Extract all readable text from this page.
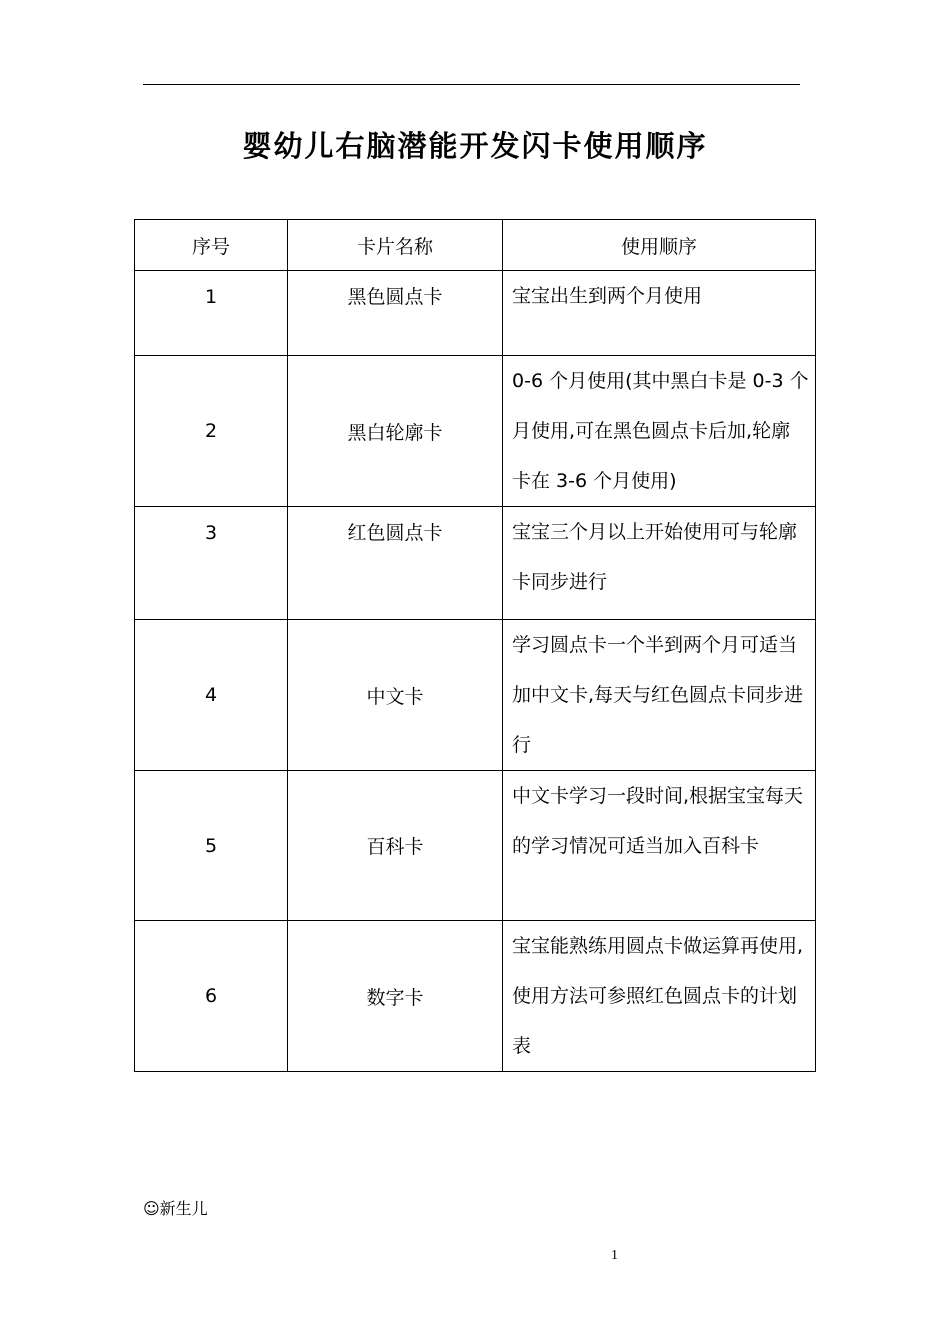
婴幼儿右脑潜能开发闪卡使用顺序
序号	卡片名称	使用顺序
1	黑色圆点卡	宝宝出生到两个月使用
2	黑白轮廓卡	0-6 个月使用(其中黑白卡是 0-3 个月使用,可在黑色圆点卡后加,轮廓卡在 3-6 个月使用)
3	红色圆点卡	宝宝三个月以上开始使用可与轮廓卡同步进行
4	中文卡	学习圆点卡一个半到两个月可适当加中文卡,每天与红色圆点卡同步进行
5	百科卡	中文卡学习一段时间,根据宝宝每天的学习情况可适当加入百科卡
6	数字卡	宝宝能熟练用圆点卡做运算再使用,使用方法可参照红色圆点卡的计划表
☺新生儿
1
